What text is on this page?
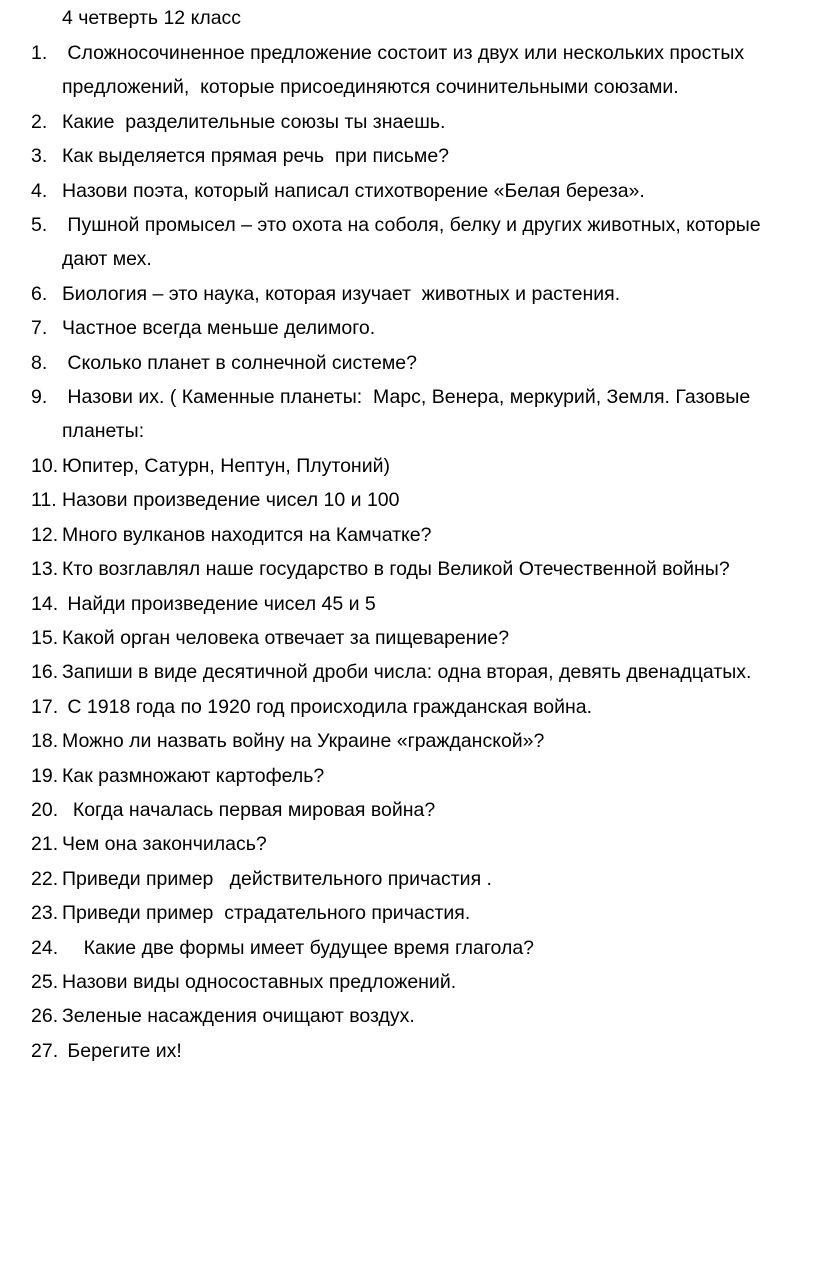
4 четверть 12 класс
1. Сложносочиненное предложение состоит из двух или нескольких простых предложений,  которые присоединяются сочинительными союзами.
2. Какие  разделительные союзы ты знаешь.
3. Как выделяется прямая речь  при письме?
4. Назови поэта, который написал стихотворение «Белая береза».
5. Пушной промысел – это охота на соболя, белку и других животных, которые дают мех.
6. Биология – это наука, которая изучает  животных и растения.
7. Частное всегда меньше делимого.
8. Сколько планет в солнечной системе?
9. Назови их. ( Каменные планеты:  Марс, Венера, меркурий, Земля. Газовые планеты:
10. Юпитер, Сатурн, Нептун, Плутоний)
11. Назови произведение чисел 10 и 100
12. Много вулканов находится на Камчатке?
13. Кто возглавлял наше государство в годы Великой Отечественной войны?
14. Найди произведение чисел 45 и 5
15. Какой орган человека отвечает за пищеварение?
16. Запиши в виде десятичной дроби числа: одна вторая, девять двенадцатых.
17. С 1918 года по 1920 год происходила гражданская война.
18. Можно ли назвать войну на Украине «гражданской»?
19. Как размножают картофель?
20. Когда началась первая мировая война?
21. Чем она закончилась?
22. Приведи пример   действительного причастия .
23. Приведи пример  страдательного причастия.
24. Какие две формы имеет будущее время глагола?
25. Назови виды односоставных предложений.
26. Зеленые насаждения очищают воздух.
27. Берегите их!
